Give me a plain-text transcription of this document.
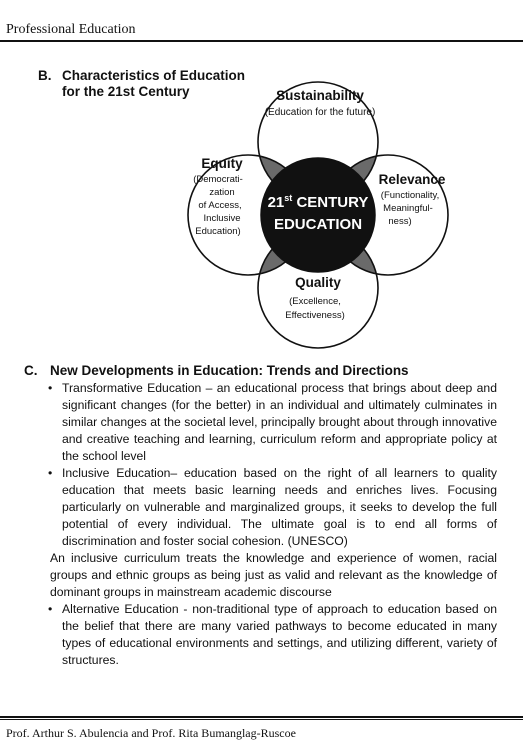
Professional Education
B. Characteristics of Education
for the 21st Century
21st CENTURY
EDUCATION
Sustainability
(Education for the future)
Equity
(Democrati-
zation
of Access,
Inclusive
Education)
Relevance
(Functionality,
Meaningful-
ness)
Quality
(Excellence,
Effectiveness)
C. New Developments in Education: Trends and Directions
• Transformative Education – an educational process that brings about deep and significant changes (for the better) in an individual and ultimately culminates in similar changes at the societal level, principally brought about through innovative and creative teaching and learning, curriculum reform and appropriate policy at the school level

• Inclusive Education– education based on the right of all learners to quality education that meets basic learning needs and enriches lives. Focusing particularly on vulnerable and marginalized groups, it seeks to develop the full potential of every individual. The ultimate goal is to end all forms of discrimination and foster social cohesion. (UNESCO)

An inclusive curriculum treats the knowledge and experience of women, racial groups and ethnic groups as being just as valid and relevant as the knowledge of dominant groups in mainstream academic discourse

• Alternative Education - non-traditional type of approach to education based on the belief that there are many varied pathways to become educated in many types of educational environments and settings, and utilizing different, variety of structures.

Prof. Arthur S. Abulencia and Prof. Rita Bumanglag-Ruscoe
